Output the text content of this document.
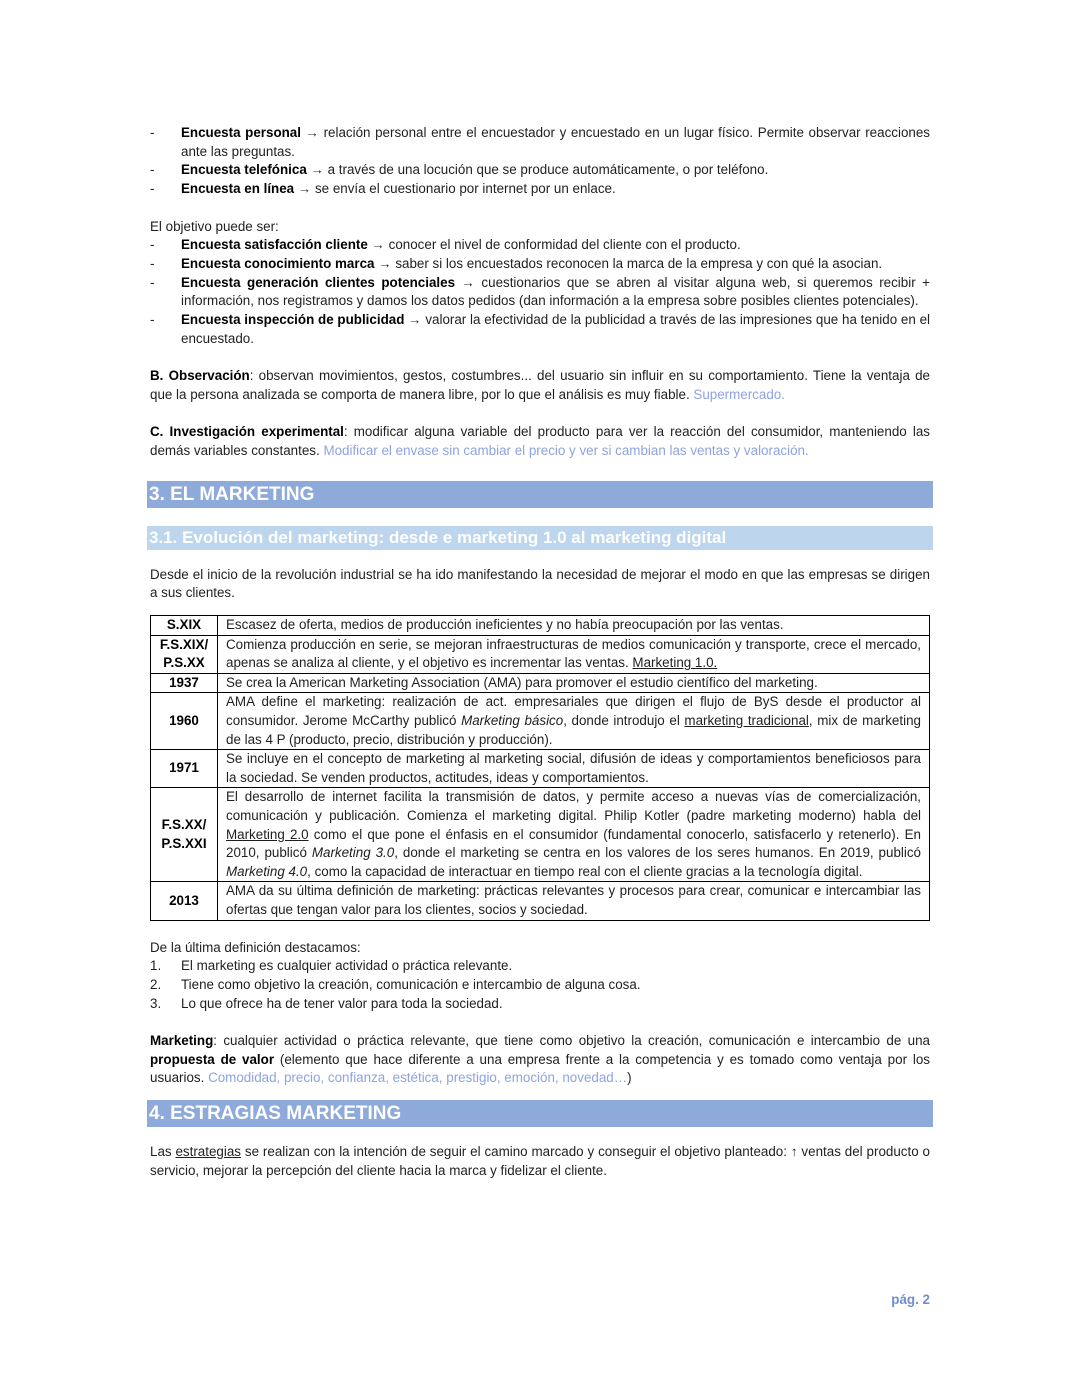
- Encuesta personal → relación personal entre el encuestador y encuestado en un lugar físico. Permite observar reacciones ante las preguntas.
- Encuesta telefónica → a través de una locución que se produce automáticamente, o por teléfono.
- Encuesta en línea → se envía el cuestionario por internet por un enlace.

El objetivo puede ser:

- Encuesta satisfacción cliente → conocer el nivel de conformidad del cliente con el producto.
- Encuesta conocimiento marca → saber si los encuestados reconocen la marca de la empresa y con qué la asocian.
- Encuesta generación clientes potenciales → cuestionarios que se abren al visitar alguna web, si queremos recibir + información, nos registramos y damos los datos pedidos (dan información a la empresa sobre posibles clientes potenciales).
- Encuesta inspección de publicidad → valorar la efectividad de la publicidad a través de las impresiones que ha tenido en el encuestado.

B. Observación: observan movimientos, gestos, costumbres... del usuario sin influir en su comportamiento. Tiene la ventaja de que la persona analizada se comporta de manera libre, por lo que el análisis es muy fiable. Supermercado.

C. Investigación experimental: modificar alguna variable del producto para ver la reacción del consumidor, manteniendo las demás variables constantes. Modificar el envase sin cambiar el precio y ver si cambian las ventas y valoración.

3. EL MARKETING
3.1. Evolución del marketing: desde e marketing 1.0 al marketing digital

Desde el inicio de la revolución industrial se ha ido manifestando la necesidad de mejorar el modo en que las empresas se dirigen a sus clientes.

S.XIX	Escasez de oferta, medios de producción ineficientes y no había preocupación por las ventas.
F.S.XIX/ P.S.XX	Comienza producción en serie, se mejoran infraestructuras de medios comunicación y transporte, crece el mercado, apenas se analiza al cliente, y el objetivo es incrementar las ventas. Marketing 1.0.
1937	Se crea la American Marketing Association (AMA) para promover el estudio científico del marketing.
1960	AMA define el marketing: realización de act. empresariales que dirigen el flujo de ByS desde el productor al consumidor. Jerome McCarthy publicó Marketing básico, donde introdujo el marketing tradicional, mix de marketing de las 4 P (producto, precio, distribución y producción).
1971	Se incluye en el concepto de marketing al marketing social, difusión de ideas y comportamientos beneficiosos para la sociedad. Se venden productos, actitudes, ideas y comportamientos.
F.S.XX/ P.S.XXI	El desarrollo de internet facilita la transmisión de datos, y permite acceso a nuevas vías de comercialización, comunicación y publicación. Comienza el marketing digital. Philip Kotler (padre marketing moderno) habla del Marketing 2.0 como el que pone el énfasis en el consumidor (fundamental conocerlo, satisfacerlo y retenerlo). En 2010, publicó Marketing 3.0, donde el marketing se centra en los valores de los seres humanos. En 2019, publicó Marketing 4.0, como la capacidad de interactuar en tiempo real con el cliente gracias a la tecnología digital.
2013	AMA da su última definición de marketing: prácticas relevantes y procesos para crear, comunicar e intercambiar las ofertas que tengan valor para los clientes, socios y sociedad.

De la última definición destacamos:

1. El marketing es cualquier actividad o práctica relevante.
2. Tiene como objetivo la creación, comunicación e intercambio de alguna cosa.
3. Lo que ofrece ha de tener valor para toda la sociedad.

Marketing: cualquier actividad o práctica relevante, que tiene como objetivo la creación, comunicación e intercambio de una propuesta de valor (elemento que hace diferente a una empresa frente a la competencia y es tomado como ventaja por los usuarios. Comodidad, precio, confianza, estética, prestigio, emoción, novedad…)

4. ESTRAGIAS MARKETING

Las estrategias se realizan con la intención de seguir el camino marcado y conseguir el objetivo planteado: ↑ ventas del producto o servicio, mejorar la percepción del cliente hacia la marca y fidelizar el cliente.

pág. 2
